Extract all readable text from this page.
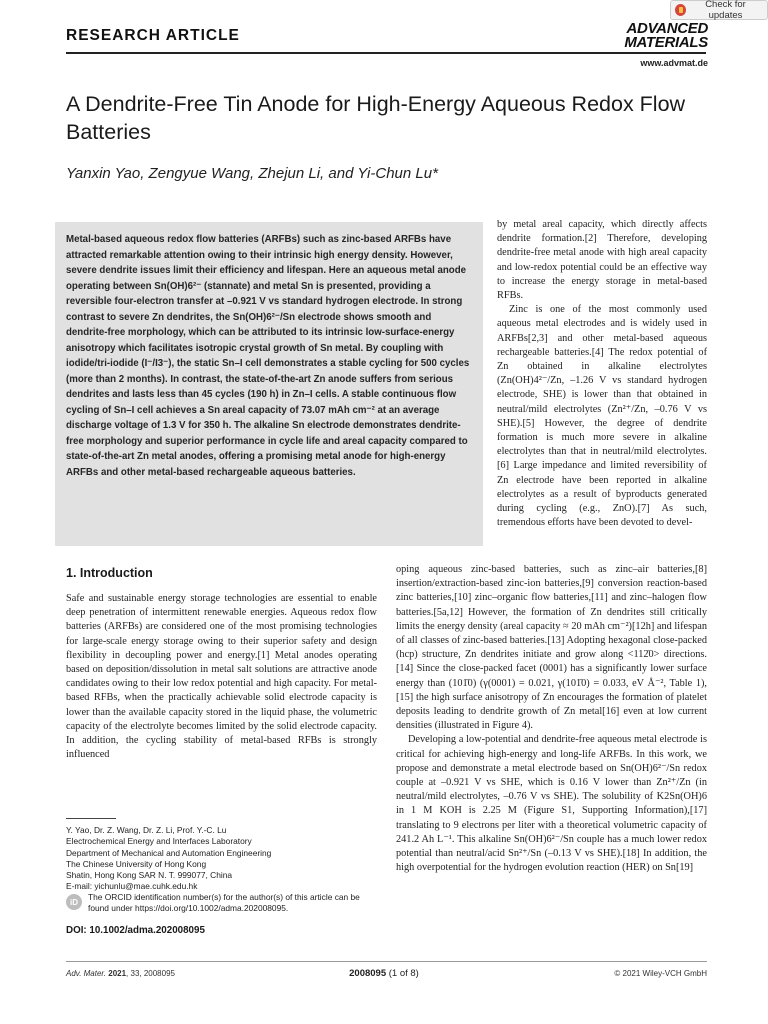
Check for updates
RESEARCH ARTICLE	ADVANCED
MATERIALS
www.advmat.de
A Dendrite-Free Tin Anode for High-Energy Aqueous Redox Flow Batteries
Yanxin Yao, Zengyue Wang, Zhejun Li, and Yi-Chun Lu*
Metal-based aqueous redox flow batteries (ARFBs) such as zinc-based ARFBs have attracted remarkable attention owing to their intrinsic high energy density. However, severe dendrite issues limit their efficiency and lifespan. Here an aqueous metal anode operating between Sn(OH)6²⁻ (stannate) and metal Sn is presented, providing a reversible four-electron transfer at –0.921 V vs standard hydrogen electrode. In strong contrast to severe Zn dendrites, the Sn(OH)6²⁻/Sn electrode shows smooth and dendrite-free morphology, which can be attributed to its intrinsic low-surface-energy anisotropy which facilitates isotropic crystal growth of Sn metal. By coupling with iodide/tri-iodide (I⁻/I3⁻), the static Sn–I cell demonstrates a stable cycling for 500 cycles (more than 2 months). In contrast, the state-of-the-art Zn anode suffers from serious dendrites and lasts less than 45 cycles (190 h) in Zn–I cells. A stable continuous flow cycling of Sn–I cell achieves a Sn areal capacity of 73.07 mAh cm⁻² at an average discharge voltage of 1.3 V for 350 h. The alkaline Sn electrode demonstrates dendrite-free morphology and superior performance in cycle life and areal capacity compared to state-of-the-art Zn metal anodes, offering a promising metal anode for high-energy ARFBs and other metal-based rechargeable aqueous batteries.

by metal areal capacity, which directly affects dendrite formation.[2] Therefore, developing dendrite-free metal anode with high areal capacity and low-redox potential could be an effective way to increase the energy storage in metal-based RFBs.

Zinc is one of the most commonly used aqueous metal electrodes and is widely used in ARFBs[2,3] and other metal-based aqueous rechargeable batteries.[4] The redox potential of Zn obtained in alkaline electrolytes (Zn(OH)4²⁻/Zn, –1.26 V vs standard hydrogen electrode, SHE) is lower than that obtained in neutral/mild electrolytes (Zn²⁺/Zn, –0.76 V vs SHE).[5] However, the degree of dendrite formation is much more severe in alkaline electrolytes than that in neutral/mild electrolytes.[6] Large impedance and limited reversibility of Zn electrode have been reported in alkaline electrolytes as a result of byproducts generated during cycling (e.g., ZnO).[7] As such, tremendous efforts have been devoted to devel-

1. Introduction
Safe and sustainable energy storage technologies are essential to enable deep penetration of intermittent renewable energies. Aqueous redox flow batteries (ARFBs) are considered one of the most promising technologies for large-scale energy storage owing to their superior safety and design flexibility in decoupling power and energy.[1] Metal anodes operating based on deposition/dissolution in metal salt solutions are attractive anode candidates owing to their low redox potential and high capacity. For metal-based RFBs, when the practically achievable solid electrode capacity is lower than the available capacity stored in the liquid phase, the volumetric capacity of the electrolyte becomes limited by the solid electrode capacity. In addition, the cycling stability of metal-based RFBs is strongly influenced

oping aqueous zinc-based batteries, such as zinc–air batteries,[8] insertion/extraction-based zinc-ion batteries,[9] conversion reaction-based zinc batteries,[10] zinc–organic flow batteries,[11] and zinc–halogen flow batteries.[5a,12] However, the formation of Zn dendrites still critically limits the energy density (areal capacity ≈ 20 mAh cm⁻²)[12h] and lifespan of all classes of zinc-based batteries.[13] Adopting hexagonal close-packed (hcp) structure, Zn dendrites initiate and grow along <112̄0> directions.[14] Since the close-packed facet (0001) has a significantly lower surface energy than (101̄0) (γ(0001) = 0.021, γ(101̄0) = 0.033, eV Å⁻², Table 1),[15] the high surface anisotropy of Zn encourages the formation of platelet deposits leading to dendrite growth of Zn metal[16] even at low current densities (illustrated in Figure 4).

Developing a low-potential and dendrite-free aqueous metal electrode is critical for achieving high-energy and long-life ARFBs. In this work, we propose and demonstrate a metal electrode based on Sn(OH)6²⁻/Sn redox couple at –0.921 V vs SHE, which is 0.16 V lower than Zn²⁺/Zn (in neutral/mild electrolytes, –0.76 V vs SHE). The solubility of K2Sn(OH)6 in 1 M KOH is 2.25 M (Figure S1, Supporting Information),[17] translating to 9 electrons per liter with a theoretical volumetric capacity of 241.2 Ah L⁻¹. This alkaline Sn(OH)6²⁻/Sn couple has a much lower redox potential than neutral/acid Sn²⁺/Sn (–0.13 V vs SHE).[18] In addition, the high overpotential for the hydrogen evolution reaction (HER) on Sn[19]

Y. Yao, Dr. Z. Wang, Dr. Z. Li, Prof. Y.-C. Lu
Electrochemical Energy and Interfaces Laboratory
Department of Mechanical and Automation Engineering
The Chinese University of Hong Kong
Shatin, Hong Kong SAR N. T. 999077, China
E-mail: yichunlu@mae.cuhk.edu.hk
iD	The ORCID identification number(s) for the author(s) of this article can be found under https://doi.org/10.1002/adma.202008095.
DOI: 10.1002/adma.202008095
Adv. Mater. 2021, 33, 2008095	2008095 (1 of 8)	© 2021 Wiley-VCH GmbH
